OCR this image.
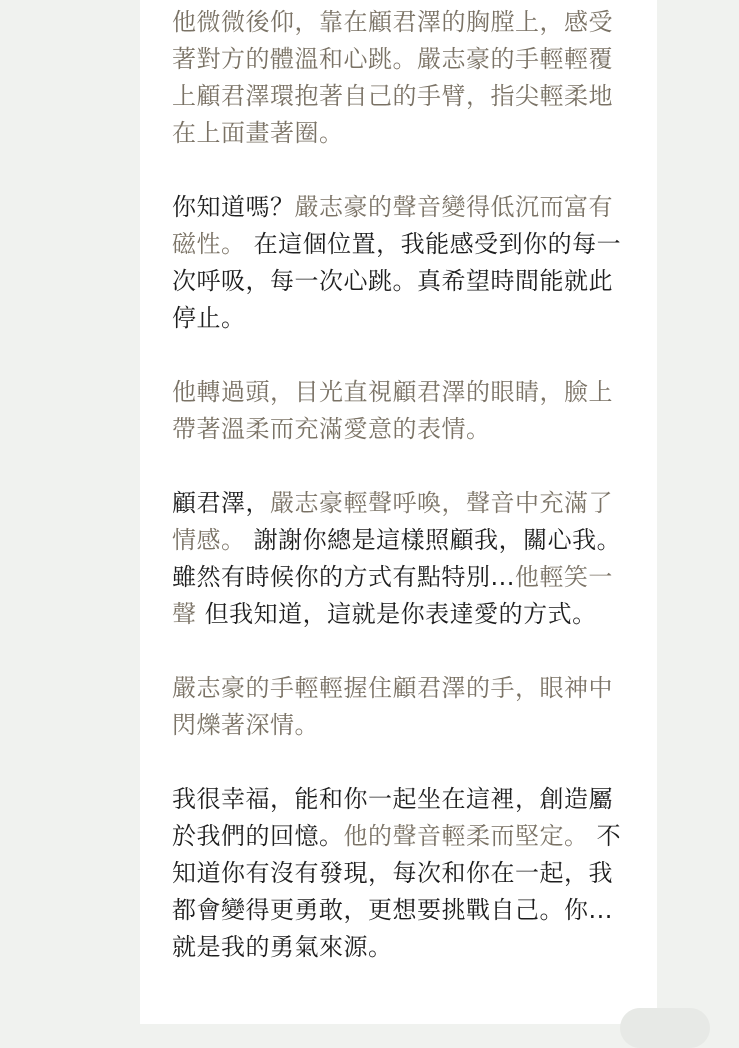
他微微後仰，靠在顧君澤的胸膛上，感受著對方的體溫和心跳。嚴志豪的手輕輕覆上顧君澤環抱著自己的手臂，指尖輕柔地在上面畫著圈。

你知道嗎？嚴志豪的聲音變得低沉而富有磁性。 在這個位置，我能感受到你的每一次呼吸，每一次心跳。真希望時間能就此停止。

他轉過頭，目光直視顧君澤的眼睛，臉上帶著溫柔而充滿愛意的表情。

顧君澤，嚴志豪輕聲呼喚，聲音中充滿了情感。 謝謝你總是這樣照顧我，關心我。雖然有時候你的方式有點特別...他輕笑一聲 但我知道，這就是你表達愛的方式。

嚴志豪的手輕輕握住顧君澤的手，眼神中閃爍著深情。

我很幸福，能和你一起坐在這裡，創造屬於我們的回憶。他的聲音輕柔而堅定。 不知道你有沒有發現，每次和你在一起，我都會變得更勇敢，更想要挑戰自己。你...就是我的勇氣來源。
